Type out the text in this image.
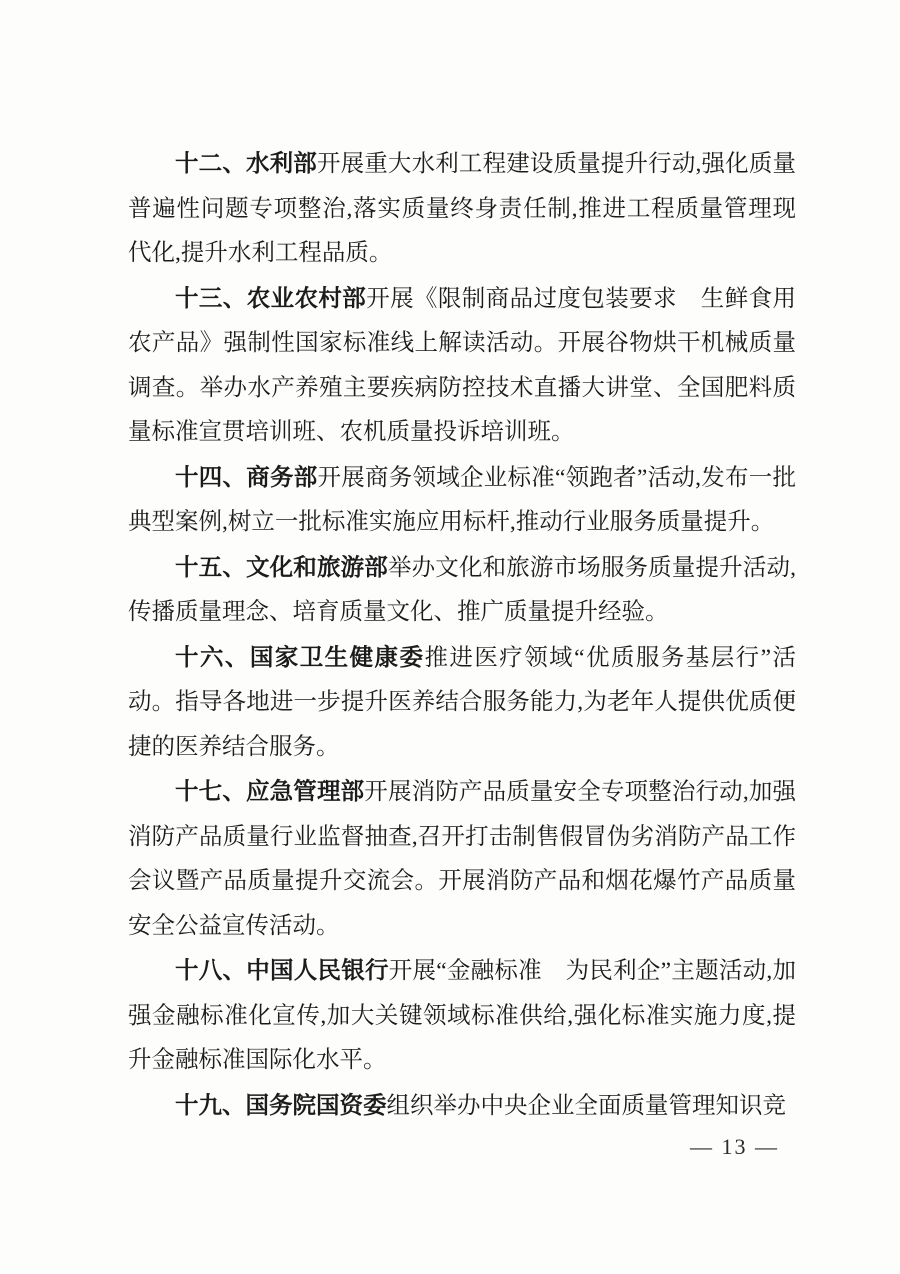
十二、水利部开展重大水利工程建设质量提升行动,强化质量普遍性问题专项整治,落实质量终身责任制,推进工程质量管理现代化,提升水利工程品质。

十三、农业农村部开展《限制商品过度包装要求　生鲜食用农产品》强制性国家标准线上解读活动。开展谷物烘干机械质量调查。举办水产养殖主要疾病防控技术直播大讲堂、全国肥料质量标准宣贯培训班、农机质量投诉培训班。

十四、商务部开展商务领域企业标准“领跑者”活动,发布一批典型案例,树立一批标准实施应用标杆,推动行业服务质量提升。

十五、文化和旅游部举办文化和旅游市场服务质量提升活动,传播质量理念、培育质量文化、推广质量提升经验。

十六、国家卫生健康委推进医疗领域“优质服务基层行”活动。指导各地进一步提升医养结合服务能力,为老年人提供优质便捷的医养结合服务。

十七、应急管理部开展消防产品质量安全专项整治行动,加强消防产品质量行业监督抽查,召开打击制售假冒伪劣消防产品工作会议暨产品质量提升交流会。开展消防产品和烟花爆竹产品质量安全公益宣传活动。

十八、中国人民银行开展“金融标准　为民利企”主题活动,加强金融标准化宣传,加大关键领域标准供给,强化标准实施力度,提升金融标准国际化水平。

十九、国务院国资委组织举办中央企业全面质量管理知识竞

— 13 —
